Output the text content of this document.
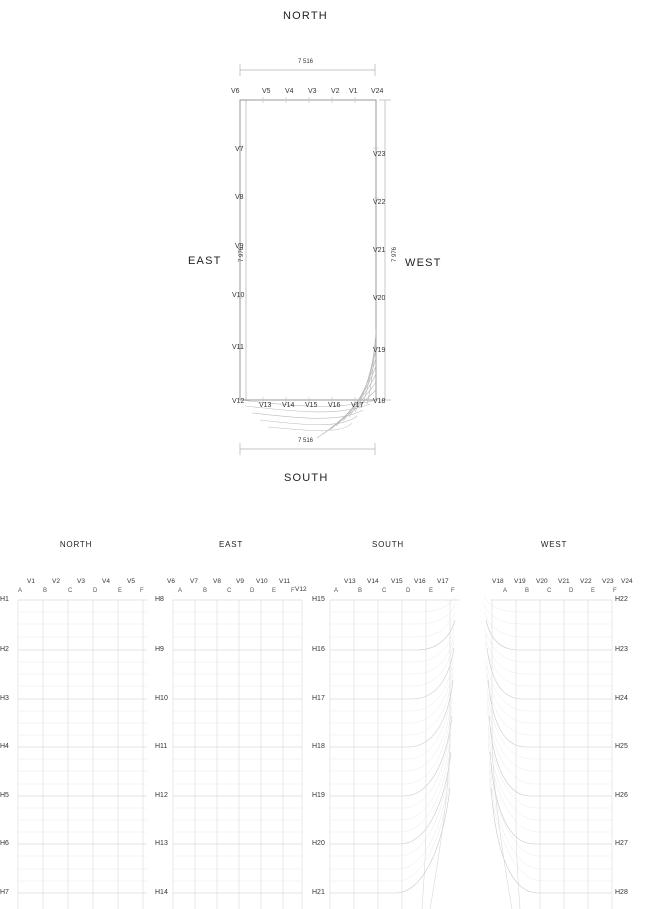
NORTH
SOUTH
EAST	WEST
7 516
7 516
7 976	7 976
V6	V5 V4 V3 V2 V1 V24
V7
V8
V9
V10
V11
V12
V23
V22
V21
V20
V19
V18
V13 V14 V15 V16 V17
NORTH
V1	V2	V3	V4	V5
A	B	C	D	E	F
H1
H2
H3
H4
H5
H6
H7
EAST
V6 V7 V8 V9 V10 V11
V12
A	B	C	D	E F
H8
H9
H10
H11
H12
H13
H14
SOUTH
V13 V14 V15 V16 V17
A	B	C	D	E	F
H15
H16
H17
H18
H19
H20
H21
WEST
V18 V19 V20 V21 V22 V23 V24
A	B	C	D	E	F
H22
H23
H24
H25
H26
H27
H28
